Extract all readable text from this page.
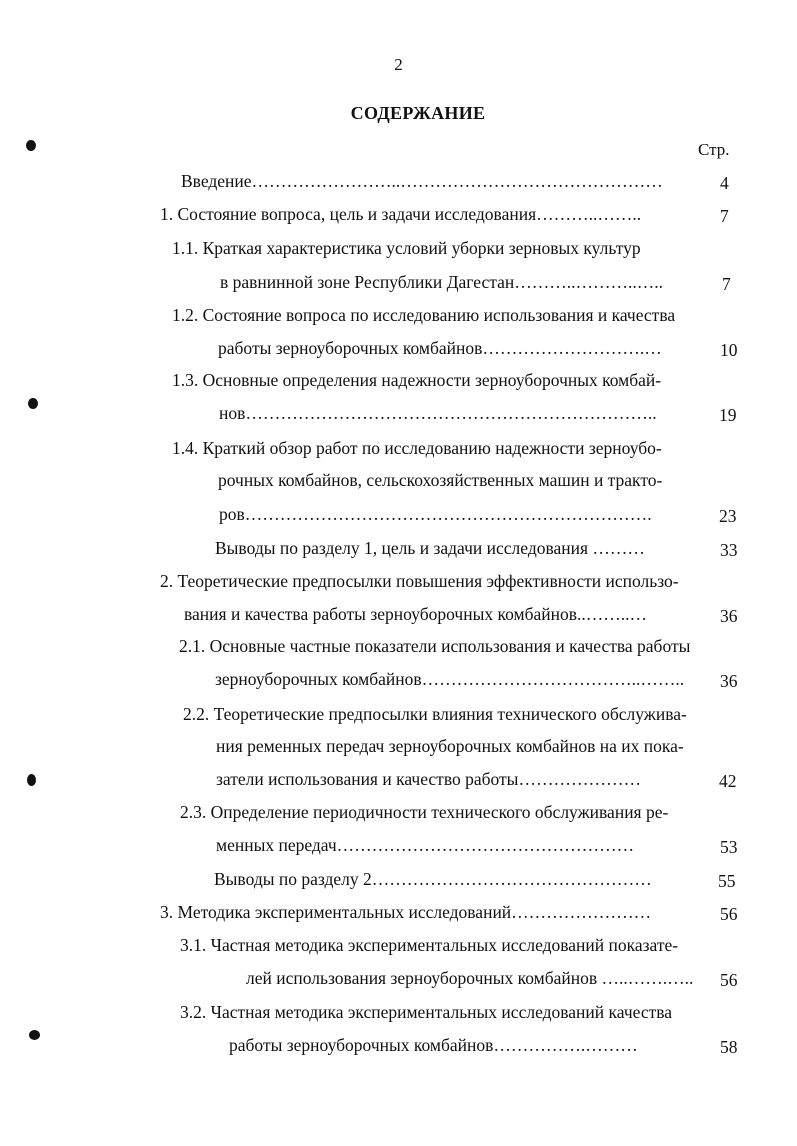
2
СОДЕРЖАНИЕ
Стр.
Введение……………………..………………………………………	4
1. Состояние вопроса, цель и задачи исследования………..……..	7
1.1. Краткая характеристика условий уборки зерновых культур
в равнинной зоне Республики Дагестан………..………..…..	7
1.2. Состояние вопроса по исследованию использования и качества
работы зерноуборочных комбайнов……………………….…	10
1.3. Основные определения надежности зерноуборочных комбай-
нов……………………………………………………………..	19
1.4. Краткий обзор работ по исследованию надежности зерноубо-
рочных комбайнов, сельскохозяйственных машин и тракто-
ров…………………………………………………………….	23
Выводы по разделу 1, цель и задачи исследования ………	33
2. Теоретические предпосылки повышения эффективности использо-
вания и качества работы зерноуборочных комбайнов..……..…	36
2.1. Основные частные показатели использования и качества работы
зерноуборочных комбайнов………………………………..…….. 36
2.2. Теоретические предпосылки влияния технического обслужива-
ния ременных передач зерноуборочных комбайнов на их пока-
затели использования и качество работы…………………	42
2.3. Определение периодичности технического обслуживания ре-
менных передач……………………………………………	53
Выводы по разделу 2…………………………………………	55
3. Методика экспериментальных исследований……………………	56
3.1. Частная методика экспериментальных исследований показате-
лей использования зерноуборочных комбайнов …..…….….. 56
3.2. Частная методика экспериментальных исследований качества
работы зерноуборочных комбайнов…………….………	58
